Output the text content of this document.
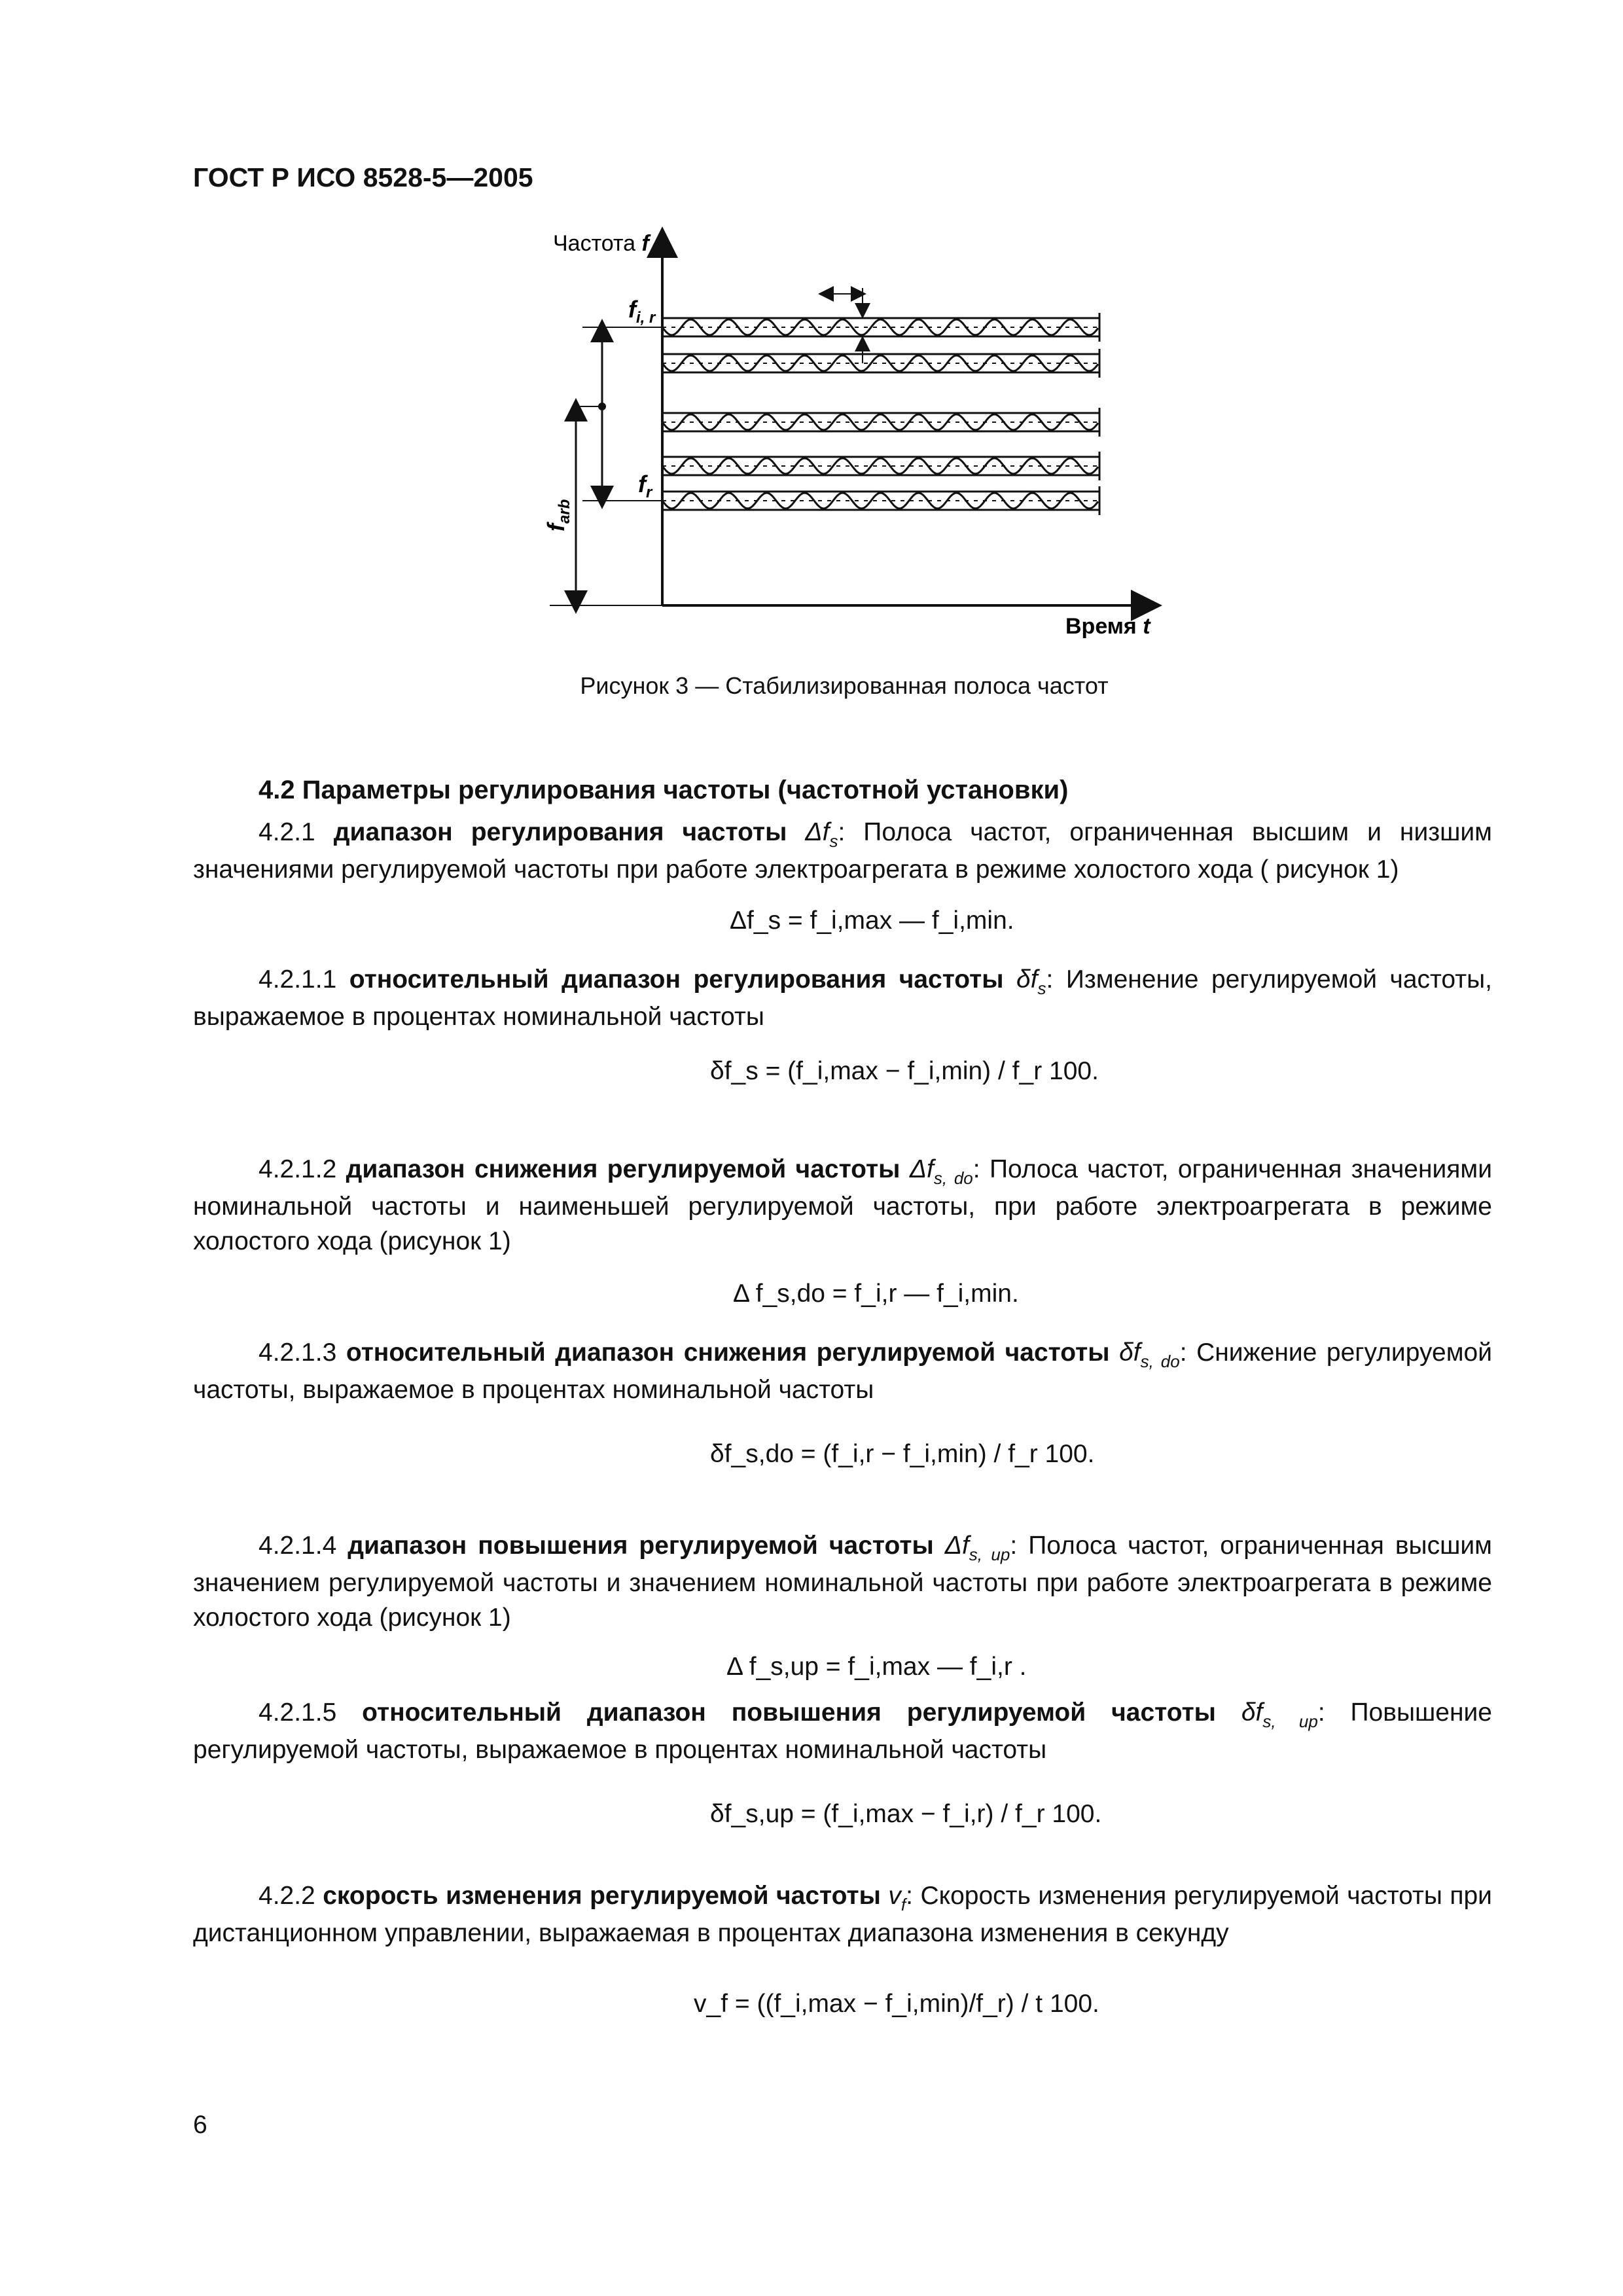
ГОСТ Р ИСО 8528-5—2005
Частота f
Время t
$f_{i, r}$
$f_r$
$f_{arb}$
Рисунок 3 — Стабилизированная полоса частот
4.2 Параметры регулирования частоты (частотной установки)
4.2.1 диапазон регулирования частоты $\Delta f_s$: Полоса частот, ограниченная высшим и низшим значениями регулируемой частоты при работе электроагрегата в режиме холостого хода ( рисунок 1)
Δf_s = f_i,max — f_i,min.
4.2.1.1 относительный диапазон регулирования частоты $\delta f_s$: Изменение регулируемой частоты, выражаемое в процентах номинальной частоты
δf_s = (f_i,max − f_i,min) / f_r 100.
4.2.1.2 диапазон снижения регулируемой частоты $\Delta f_{s, do}$: Полоса частот, ограниченная значениями номинальной частоты и наименьшей регулируемой частоты, при работе электроагрегата в режиме холостого хода (рисунок 1)
Δ f_s,do = f_i,r — f_i,min.
4.2.1.3 относительный диапазон снижения регулируемой частоты $\delta f_{s, do}$: Снижение регулируемой частоты, выражаемое в процентах номинальной частоты
δf_s,do = (f_i,r − f_i,min) / f_r 100.
4.2.1.4 диапазон повышения регулируемой частоты $\Delta f_{s, up}$: Полоса частот, ограниченная высшим значением регулируемой частоты и значением номинальной частоты при работе электроагрегата в режиме холостого хода (рисунок 1)
Δ f_s,up = f_i,max — f_i,r .
4.2.1.5 относительный диапазон повышения регулируемой частоты $\delta f_{s, up}$: Повышение регулируемой частоты, выражаемое в процентах номинальной частоты
δf_s,up = (f_i,max − f_i,r) / f_r 100.
4.2.2 скорость изменения регулируемой частоты $v_f$: Скорость изменения регулируемой частоты при дистанционном управлении, выражаемая в процентах диапазона изменения в секунду
v_f = ((f_i,max − f_i,min)/f_r) / t 100.
6
